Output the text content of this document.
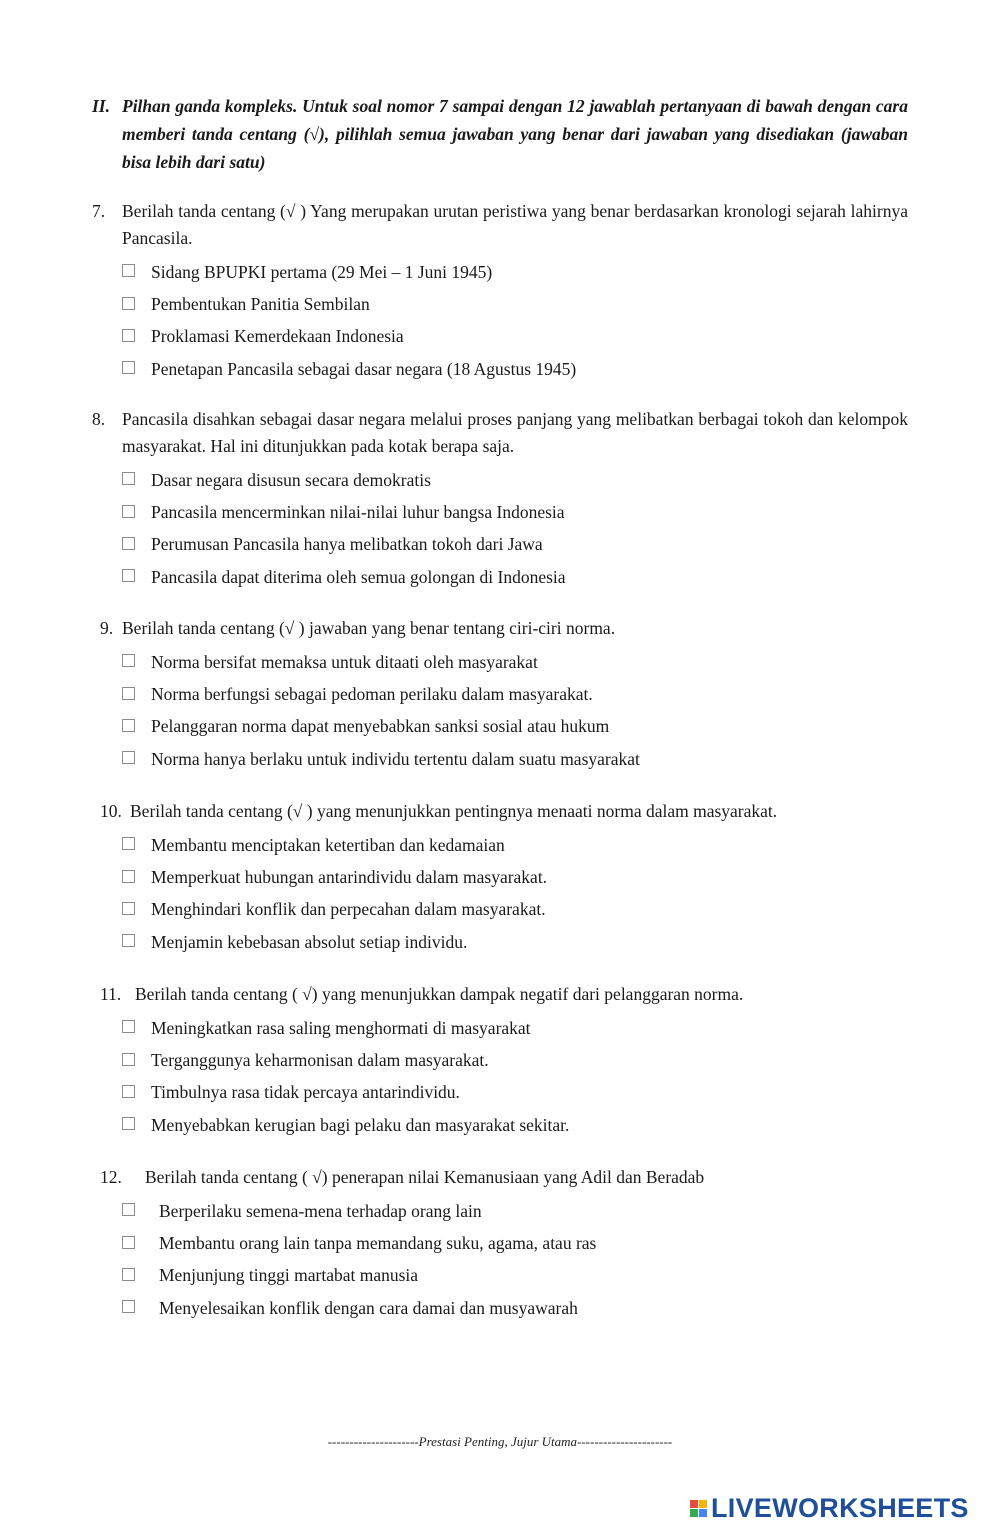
II. Pilhan ganda kompleks. Untuk soal nomor 7 sampai dengan 12 jawablah pertanyaan di bawah dengan cara memberi tanda centang (√), pilihlah semua jawaban yang benar dari jawaban yang disediakan (jawaban bisa lebih dari satu)
7. Berilah tanda centang (√ ) Yang merupakan urutan peristiwa yang benar berdasarkan kronologi sejarah lahirnya Pancasila.
Sidang BPUPKI pertama (29 Mei – 1 Juni 1945)
Pembentukan Panitia Sembilan
Proklamasi Kemerdekaan Indonesia
Penetapan Pancasila sebagai dasar negara (18 Agustus 1945)
8. Pancasila disahkan sebagai dasar negara melalui proses panjang yang melibatkan berbagai tokoh dan kelompok masyarakat. Hal ini ditunjukkan pada kotak berapa saja.
Dasar negara disusun secara demokratis
Pancasila mencerminkan nilai-nilai luhur bangsa Indonesia
Perumusan Pancasila hanya melibatkan tokoh dari Jawa
Pancasila dapat diterima oleh semua golongan di Indonesia
9. Berilah tanda centang (√ ) jawaban yang benar tentang ciri-ciri norma.
Norma bersifat memaksa untuk ditaati oleh masyarakat
Norma berfungsi sebagai pedoman perilaku dalam masyarakat.
Pelanggaran norma dapat menyebabkan sanksi sosial atau hukum
Norma hanya berlaku untuk individu tertentu dalam suatu masyarakat
10. Berilah tanda centang (√ ) yang menunjukkan pentingnya menaati norma dalam masyarakat.
Membantu menciptakan ketertiban dan kedamaian
Memperkuat hubungan antarindividu dalam masyarakat.
Menghindari konflik dan perpecahan dalam masyarakat.
Menjamin kebebasan absolut setiap individu.
11. Berilah tanda centang ( √) yang menunjukkan dampak negatif dari pelanggaran norma.
Meningkatkan rasa saling menghormati di masyarakat
Terganggunya keharmonisan dalam masyarakat.
Timbulnya rasa tidak percaya antarindividu.
Menyebabkan kerugian bagi pelaku dan masyarakat sekitar.
12.	Berilah tanda centang ( √) penerapan nilai Kemanusiaan yang Adil dan Beradab
Berperilaku semena-mena terhadap orang lain
Membantu orang lain tanpa memandang suku, agama, atau ras
Menjunjung tinggi martabat manusia
Menyelesaikan konflik dengan cara damai dan musyawarah
---------------------Prestasi Penting, Jujur Utama----------------------
LIVEWORKSHEETS
